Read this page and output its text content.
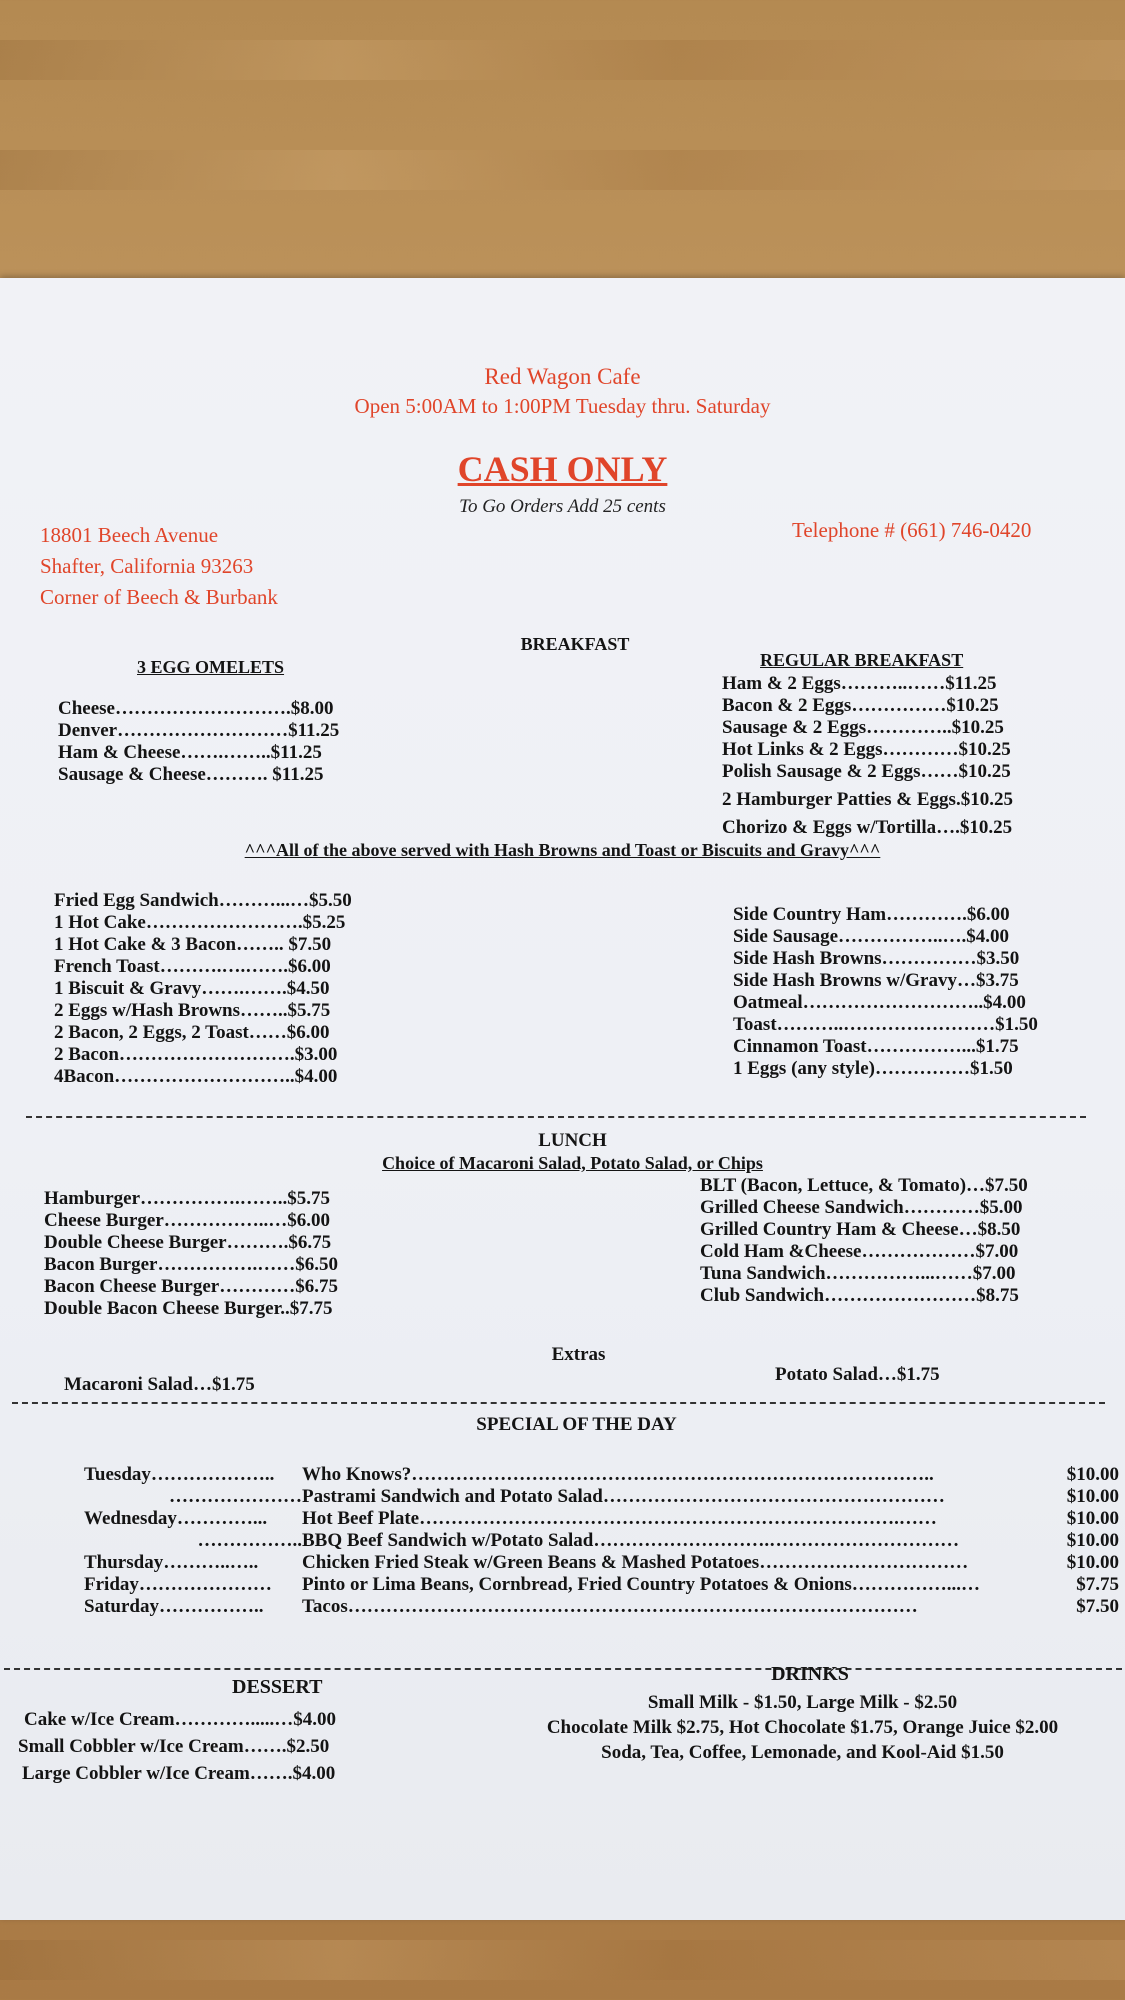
Red Wagon Cafe
Open 5:00AM to 1:00PM Tuesday thru. Saturday
CASH ONLY
To Go Orders Add 25 cents
18801 Beech Avenue
Shafter, California 93263
Corner of Beech & Burbank
Telephone # (661) 746-0420
BREAKFAST
3 EGG OMELETS
Cheese……………………….$8.00
Denver………………………$11.25
Ham & Cheese…….……..$11.25
Sausage & Cheese………. $11.25
REGULAR BREAKFAST
Ham & 2 Eggs………..……$11.25
Bacon & 2 Eggs……………$10.25
Sausage & 2 Eggs…………..$10.25
Hot Links & 2 Eggs…………$10.25
Polish Sausage & 2 Eggs……$10.25
2 Hamburger Patties & Eggs.$10.25
Chorizo & Eggs w/Tortilla….$10.25
^^^All of the above served with Hash Browns and Toast or Biscuits and Gravy^^^
Fried Egg Sandwich………...…$5.50
1 Hot Cake…………………….$5.25
1 Hot Cake & 3 Bacon…….. $7.50
French Toast……….….…….$6.00
1 Biscuit & Gravy…….…….$4.50
2 Eggs w/Hash Browns……..$5.75
2 Bacon, 2 Eggs, 2 Toast……$6.00
2 Bacon……………………….$3.00
4Bacon………………………..$4.00
Side Country Ham………….$6.00
Side Sausage……………..….$4.00
Side Hash Browns……………$3.50
Side Hash Browns w/Gravy…$3.75
Oatmeal………………………..$4.00
Toast………..……………………$1.50
Cinnamon Toast……………...$1.75
1 Eggs (any style)……………$1.50
LUNCH
Choice of Macaroni Salad, Potato Salad, or Chips
Hamburger…………….……..$5.75
Cheese Burger……………..…$6.00
Double Cheese Burger……….$6.75
Bacon Burger…………….……$6.50
Bacon Cheese Burger…………$6.75
Double Bacon Cheese Burger..$7.75
BLT (Bacon, Lettuce, & Tomato)…$7.50
Grilled Cheese Sandwich…………$5.00
Grilled Country Ham & Cheese…$8.50
Cold Ham &Cheese………………$7.00
Tuna Sandwich……………...……$7.00
Club Sandwich……………………$8.75
Extras
Macaroni Salad…$1.75	Potato Salad…$1.75
SPECIAL OF THE DAY
Tuesday………………..	Who Knows?………………………………………………………………………..	$10.00
………………… Pastrami Sandwich and Potato Salad………………………………………………	$10.00
Wednesday…………...	Hot Beef Plate………………………………………………………………….……	$10.00
…………….. BBQ Beef Sandwich w/Potato Salad……………………….…………………………	$10.00
Thursday………..…..	Chicken Fried Steak w/Green Beans & Mashed Potatoes……………………………	$10.00
Friday…………………	Pinto or Lima Beans, Cornbread, Fried Country Potatoes & Onions……………...…	$7.75
Saturday……………..	Tacos………………………………………………………………………………	$7.50
DESSERT
Cake w/Ice Cream………….....…$4.00
Small Cobbler w/Ice Cream…….$2.50
Large Cobbler w/Ice Cream…….$4.00
DRINKS
Small Milk - $1.50, Large Milk - $2.50
Chocolate Milk $2.75, Hot Chocolate $1.75, Orange Juice $2.00
Soda, Tea, Coffee, Lemonade, and Kool-Aid $1.50
